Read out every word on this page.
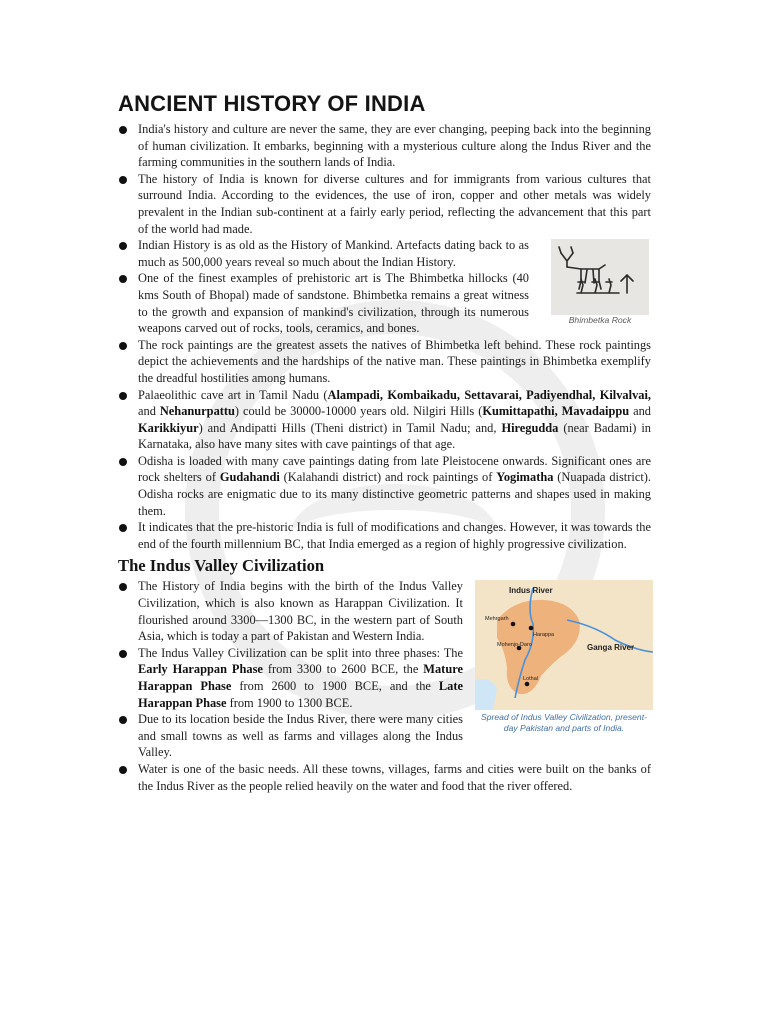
ANCIENT HISTORY OF INDIA
India's history and culture are never the same, they are ever changing, peeping back into the beginning of human civilization. It embarks, beginning with a mysterious culture along the Indus River and the farming communities in the southern lands of India.
The history of India is known for diverse cultures and for immigrants from various cultures that surround India. According to the evidences, the use of iron, copper and other metals was widely prevalent in the Indian sub-continent at a fairly early period, reflecting the advancement that this part of the world had made.
Bhimbetka Rock
Indian History is as old as the History of Mankind. Artefacts dating back to as much as 500,000 years reveal so much about the Indian History.
One of the finest examples of prehistoric art is The Bhimbetka hillocks (40 kms South of Bhopal) made of sandstone. Bhimbetka remains a great witness to the growth and expansion of mankind's civilization, through its numerous weapons carved out of rocks, tools, ceramics, and bones.
The rock paintings are the greatest assets the natives of Bhimbetka left behind. These rock paintings depict the achievements and the hardships of the native man. These paintings in Bhimbetka exemplify the dreadful hostilities among humans.
Palaeolithic cave art in Tamil Nadu (Alampadi, Kombaikadu, Settavarai, Padiyendhal, Kilvalvai, and Nehanurpattu) could be 30000-10000 years old. Nilgiri Hills (Kumittapathi, Mavadaippu and Karikkiyur) and Andipatti Hills (Theni district) in Tamil Nadu; and, Hiregudda (near Badami) in Karnataka, also have many sites with cave paintings of that age.
Odisha is loaded with many cave paintings dating from late Pleistocene onwards. Significant ones are rock shelters of Gudahandi (Kalahandi district) and rock paintings of Yogimatha (Nuapada district). Odisha rocks are enigmatic due to its many distinctive geometric patterns and shapes used in making them.
It indicates that the pre-historic India is full of modifications and changes. However, it was towards the end of the fourth millennium BC, that India emerged as a region of highly progressive civilization.
The Indus Valley Civilization
Indus River
Ganga River
Mehrgarh
Harappa
Mohenjo-Daro
Lothal
Spread of Indus Valley Civilization, present-day Pakistan and parts of India.
The History of India begins with the birth of the Indus Valley Civilization, which is also known as Harappan Civilization. It flourished around 3300—1300 BC, in the western part of South Asia, which is today a part of Pakistan and Western India.
The Indus Valley Civilization can be split into three phases: The Early Harappan Phase from 3300 to 2600 BCE, the Mature Harappan Phase from 2600 to 1900 BCE, and the Late Harappan Phase from 1900 to 1300 BCE.
Due to its location beside the Indus River, there were many cities and small towns as well as farms and villages along the Indus Valley.
Water is one of the basic needs. All these towns, villages, farms and cities were built on the banks of the Indus River as the people relied heavily on the water and food that the river offered.
